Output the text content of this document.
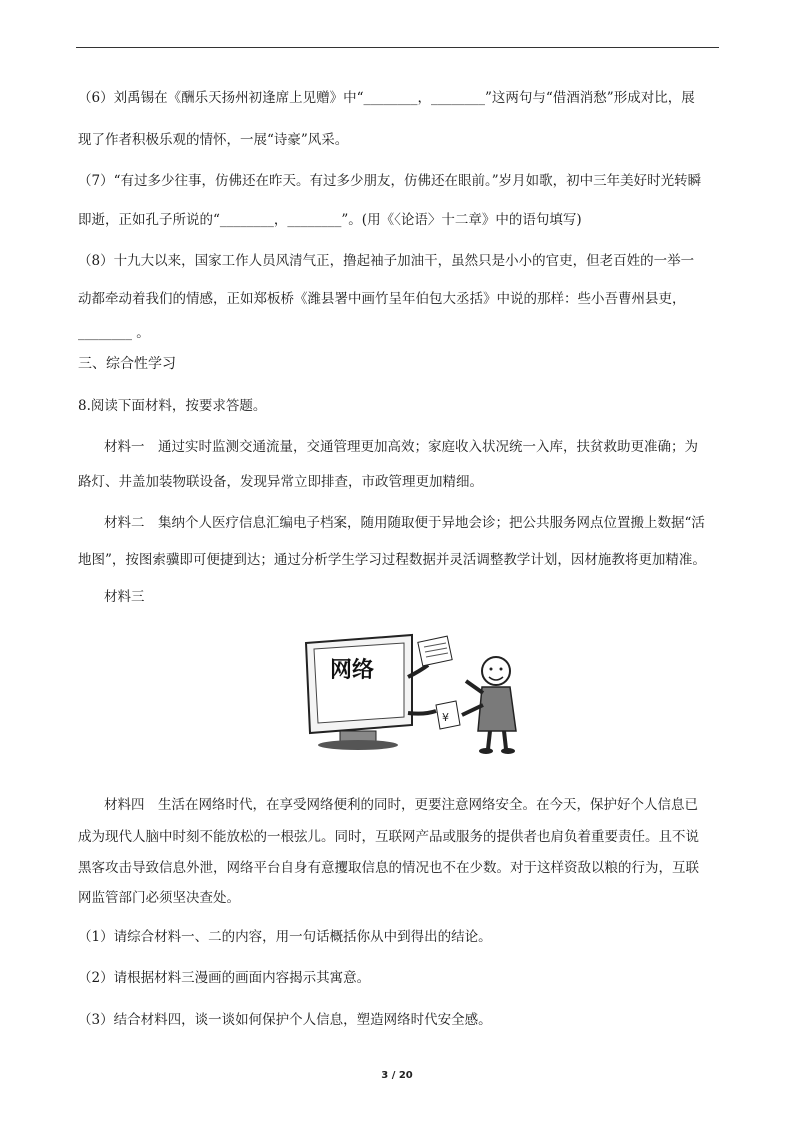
（6）刘禹锡在《酬乐天扬州初逢席上见赠》中“________，________”这两句与“借酒消愁”形成对比，展
现了作者积极乐观的情怀，一展“诗豪”风采。
（7）“有过多少往事，仿佛还在昨天。有过多少朋友，仿佛还在眼前。”岁月如歌，初中三年美好时光转瞬
即逝，正如孔子所说的“________，________”。(用《〈论语〉十二章》中的语句填写)
（8）十九大以来，国家工作人员风清气正，撸起袖子加油干，虽然只是小小的官吏，但老百姓的一举一
动都牵动着我们的情感，正如郑板桥《潍县署中画竹呈年伯包大丞括》中说的那样：些小吾曹州县吏，
________ 。
三、综合性学习
8.阅读下面材料，按要求答题。
材料一　通过实时监测交通流量，交通管理更加高效；家庭收入状况统一入库，扶贫救助更准确；为
路灯、井盖加装物联设备，发现异常立即排查，市政管理更加精细。
材料二　集纳个人医疗信息汇编电子档案，随用随取便于异地会诊；把公共服务网点位置搬上数据“活
地图”，按图索骥即可便捷到达；通过分析学生学习过程数据并灵活调整教学计划，因材施教将更加精准。
材料三
网络
¥
材料四　生活在网络时代，在享受网络便利的同时，更要注意网络安全。在今天，保护好个人信息已
成为现代人脑中时刻不能放松的一根弦儿。同时，互联网产品或服务的提供者也肩负着重要责任。且不说
黑客攻击导致信息外泄，网络平台自身有意攫取信息的情况也不在少数。对于这样资敌以粮的行为，互联
网监管部门必须坚决查处。
（1）请综合材料一、二的内容，用一句话概括你从中到得出的结论。
（2）请根据材料三漫画的画面内容揭示其寓意。
（3）结合材料四，谈一谈如何保护个人信息，塑造网络时代安全感。
3 / 20
